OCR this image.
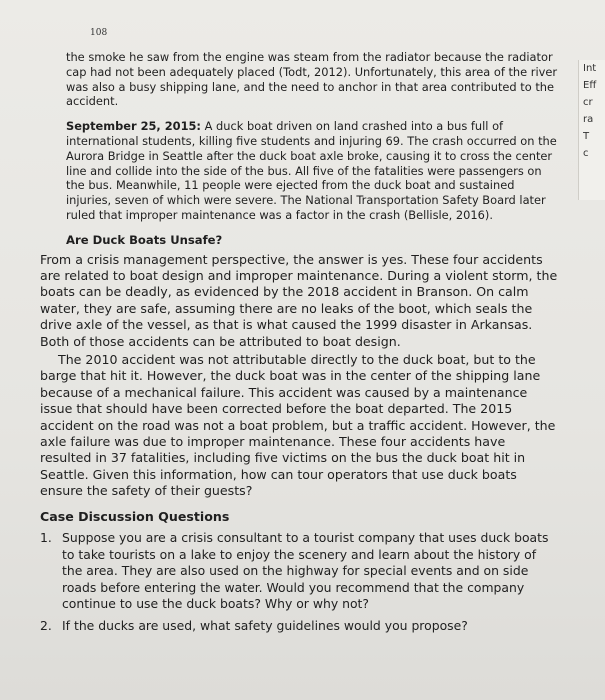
108
Int
Eff
cr
ra
T
c

the smoke he saw from the engine was steam from the radiator because the radiator cap had not been adequately placed (Todt, 2012). Unfortunately, this area of the river was also a busy shipping lane, and the need to anchor in that area contributed to the accident.

September 25, 2015: A duck boat driven on land crashed into a bus full of international students, killing five students and injuring 69. The crash occurred on the Aurora Bridge in Seattle after the duck boat axle broke, causing it to cross the center line and collide into the side of the bus. All five of the fatalities were passengers on the bus. Meanwhile, 11 people were ejected from the duck boat and sustained injuries, seven of which were severe. The National Transportation Safety Board later ruled that improper maintenance was a factor in the crash (Bellisle, 2016).

Are Duck Boats Unsafe?

From a crisis management perspective, the answer is yes. These four accidents are related to boat design and improper maintenance. During a violent storm, the boats can be deadly, as evidenced by the 2018 accident in Branson. On calm water, they are safe, assuming there are no leaks of the boot, which seals the drive axle of the vessel, as that is what caused the 1999 disaster in Arkansas. Both of those accidents can be attributed to boat design.

The 2010 accident was not attributable directly to the duck boat, but to the barge that hit it. However, the duck boat was in the center of the shipping lane because of a mechanical failure. This accident was caused by a maintenance issue that should have been corrected before the boat departed. The 2015 accident on the road was not a boat problem, but a traffic accident. However, the axle failure was due to improper maintenance. These four accidents have resulted in 37 fatalities, including five victims on the bus the duck boat hit in Seattle. Given this information, how can tour operators that use duck boats ensure the safety of their guests?

Case Discussion Questions
1. Suppose you are a crisis consultant to a tourist company that uses duck boats to take tourists on a lake to enjoy the scenery and learn about the history of the area. They are also used on the highway for special events and on side roads before entering the water. Would you recommend that the company continue to use the duck boats? Why or why not?
2. If the ducks are used, what safety guidelines would you propose?
